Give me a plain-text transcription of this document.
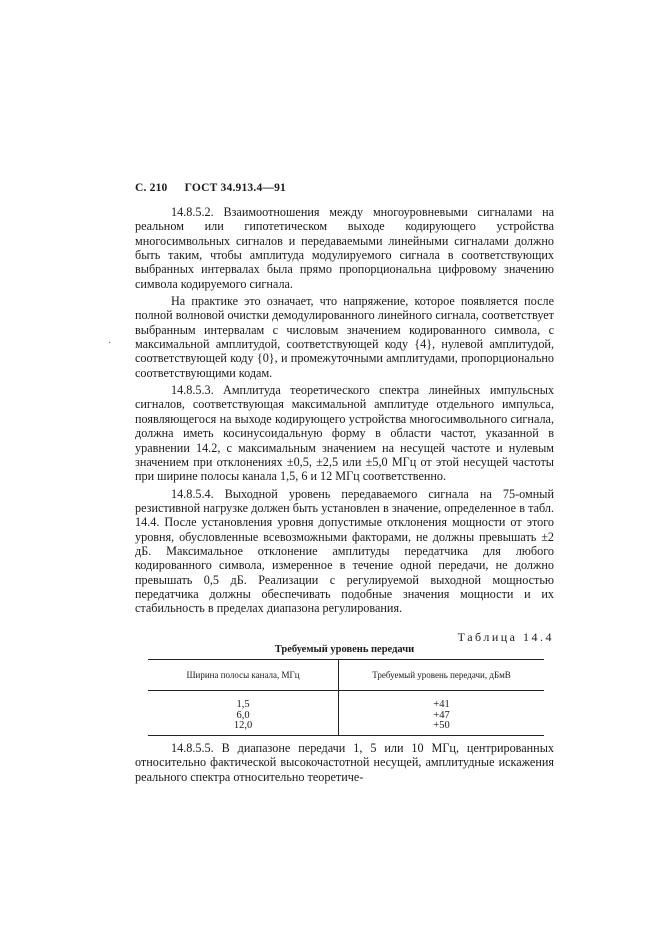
С. 210 ГОСТ 34.913.4—91
·

14.8.5.2. Взаимоотношения между многоуровневыми сигналами на реальном или гипотетическом выходе кодирующего устройства многосимвольных сигналов и передаваемыми линейными сигналами должно быть таким, чтобы амплитуда модулируемого сигнала в соответствующих выбранных интервалах была прямо пропорциональна цифровому значению символа кодируемого сигнала.

На практике это означает, что напряжение, которое появляется после полной волновой очистки демодулированного линейного сигнала, соответствует выбранным интервалам с числовым значением кодированного символа, с максимальной амплитудой, соответствующей коду {4}, нулевой амплитудой, соответствующей коду {0}, и промежуточными амплитудами, пропорционально соответствующими кодам.

14.8.5.3. Амплитуда теоретического спектра линейных импульсных сигналов, соответствующая максимальной амплитуде отдельного импульса, появляющегося на выходе кодирующего устройства многосимвольного сигнала, должна иметь косинусоидальную форму в области частот, указанной в уравнении 14.2, с максимальным значением на несущей частоте и нулевым значением при отклонениях ±0,5, ±2,5 или ±5,0 МГц от этой несущей частоты при ширине полосы канала 1,5, 6 и 12 МГц соответственно.

14.8.5.4. Выходной уровень передаваемого сигнала на 75-омный резистивной нагрузке должен быть установлен в значение, определенное в табл. 14.4. После установления уровня допустимые отклонения мощности от этого уровня, обусловленные всевозможными факторами, не должны превышать ±2 дБ. Максимальное отклонение амплитуды передатчика для любого кодированного символа, измеренное в течение одной передачи, не должно превышать 0,5 дБ. Реализации с регулируемой выходной мощностью передатчика должны обеспечивать подобные значения мощности и их стабильность в пределах диапазона регулирования.

Таблица 14.4
Требуемый уровень передачи
Ширина полосы канала, МГц	Требуемый уровень передачи, дБмВ
1,5
6,0
12,0
+41
+47
+50

14.8.5.5. В диапазоне передачи 1, 5 или 10 МГц, центрированных относительно фактической высокочастотной несущей, амплитудные искажения реального спектра относительно теоретиче-
